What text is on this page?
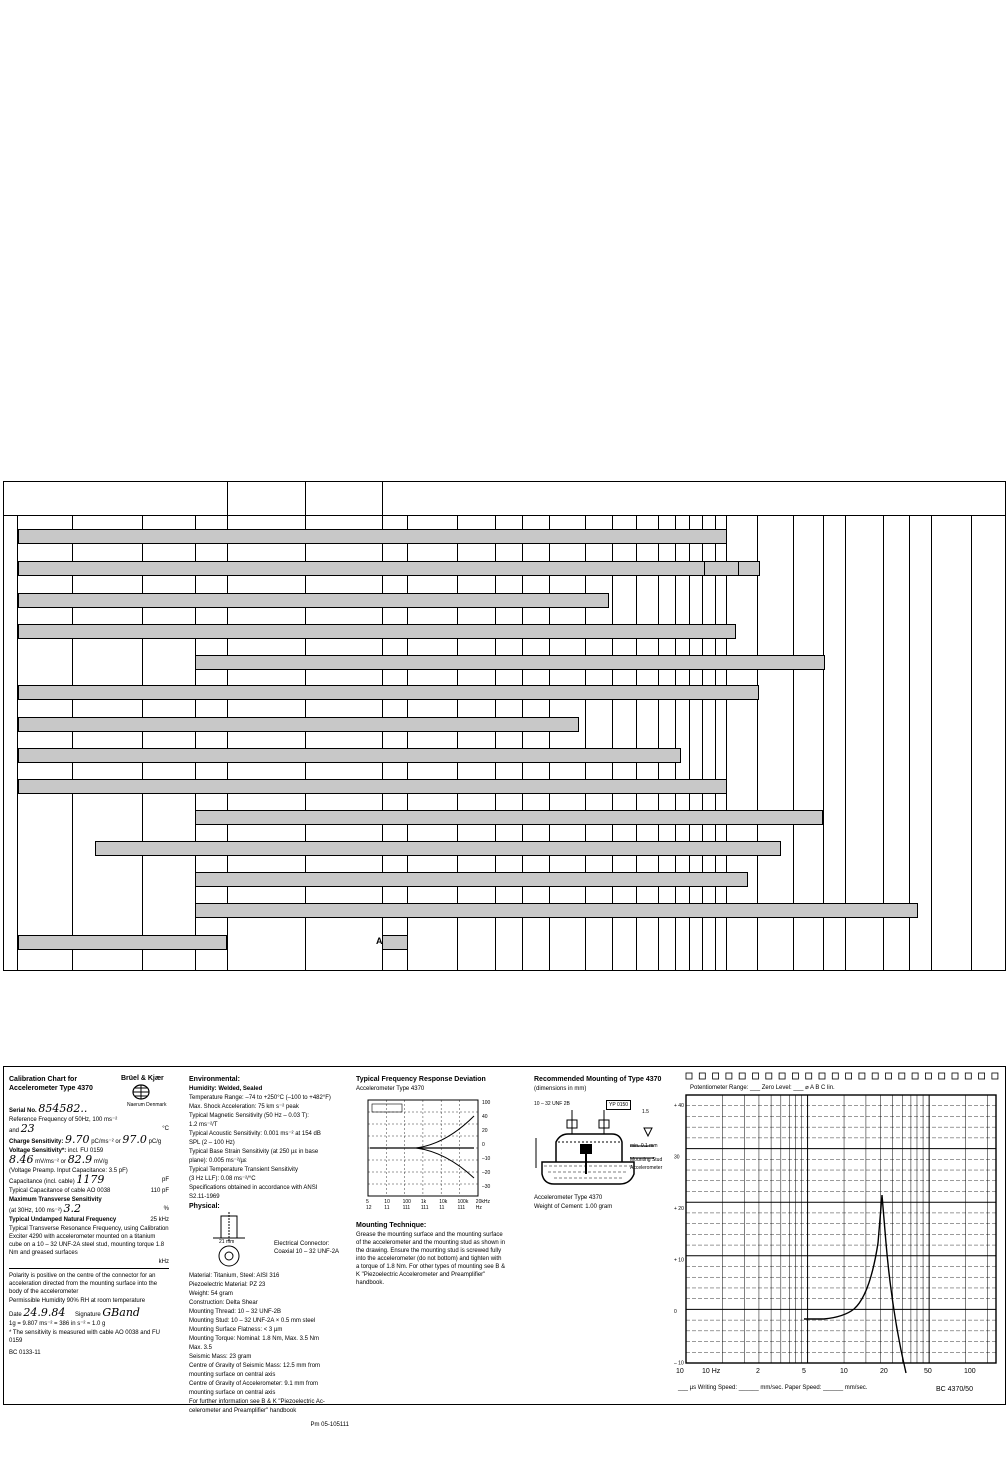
A
Calibration Chart for
Accelerometer Type 4370
Brüel & Kjær
Naerum Denmark

Serial No. 854582..

Reference Frequency of 50Hz, 100 ms⁻²

and 23	°C

Charge Sensitivity: 9.70 pC/ms⁻² or 97.0 pC/g

Voltage Sensitivity*: incl. FU 0159

8.46 mV/ms⁻² or 82.9 mV/g

(Voltage Preamp. Input Capacitance: 3.5 pF)

Capacitance (incl. cable) 1179	pF

Typical Capacitance of cable AO 0038	110 pF

Maximum Transverse Sensitivity

(at 30Hz, 100 ms⁻²) 3.2	%

Typical Undamped Natural Frequency	25 kHz

Typical Transverse Resonance Frequency, using Calibration Exciter 4290 with accelerometer mounted on a titanium cube on a 10 – 32 UNF-2A steel stud, mounting torque 1.8 Nm and greased surfaces

kHz

Polarity is positive on the centre of the connector for an acceleration directed from the mounting surface into the body of the accelerometer

Permissible Humidity 90% RH at room temperature

Date 24.9.84 Signature GBand

1g = 9.807 ms⁻² = 386 in s⁻² ≈ 1.0 g

* The sensitivity is measured with cable AO 0038 and FU 0159

BC 0133-11

Environmental:

Humidity: Welded, Sealed

Temperature Range: –74 to +250°C (–100 to +482°F)

Max. Shock Acceleration: 75 km s⁻² peak

Typical Magnetic Sensitivity (50 Hz – 0.03 T):

1.2 ms⁻²/T

Typical Acoustic Sensitivity: 0.001 ms⁻² at 154 dB

SPL (2 – 100 Hz)

Typical Base Strain Sensitivity (at 250 µε in base

plane): 0.005 ms⁻²/µε

Typical Temperature Transient Sensitivity

(3 Hz LLF): 0.08 ms⁻²/°C

Specifications obtained in accordance with ANSI

S2.11-1969

Physical:

21 mm	Electrical Connector:
Coaxial 10 – 32 UNF-2A

Material: Titanium, Steel: AISI 316

Piezoelectric Material: PZ 23

Weight: 54 gram

Construction: Delta Shear

Mounting Thread: 10 – 32 UNF-2B

Mounting Stud: 10 – 32 UNF-2A × 0.5 mm steel

Mounting Surface Flatness: < 3 µm

Mounting Torque: Nominal: 1.8 Nm, Max. 3.5 Nm

Max. 3.5

Seismic Mass: 23 gram

Centre of Gravity of Seismic Mass: 12.5 mm from

mounting surface on central axis

Centre of Gravity of Accelerometer: 9.1 mm from

mounting surface on central axis

For further information see B & K "Piezoelectric Ac-

celerometer and Preamplifier" handbook

Pm 05-105111

Typical Frequency Response Deviation

Accelerometer Type 4370

100
40
20
0
–10
–20
–30
5	10	100 1k	10k 100k 20kHz
12	11	111 111 11	111 Hz

Mounting Technique:

Grease the mounting surface and the mounting surface of the accelerometer and the mounting stud as shown in the drawing. Ensure the mounting stud is screwed fully into the accelerometer (do not bottom) and tighten with a torque of 1.8 Nm. For other types of mounting see B & K "Piezoelectric Accelerometer and Preamplifier" handbook.

Recommended Mounting of Type 4370

(dimensions in mm)

10 – 32 UNF 2B	YP 0150
1.5
min. 0.1 mm
Mounting Stud
Accelerometer

Accelerometer Type 4370

Weight of Cement: 1.00 gram

Potentiometer Range: ___ Zero Level: ___ ⌀ A B C lin.
+ 40
30
+ 20
+ 10
0
– 10
10	10 Hz	2	5	10	20	50	100
___ µs Writing Speed: ______ mm/sec. Paper Speed: ______ mm/sec.	BC 4370/50
